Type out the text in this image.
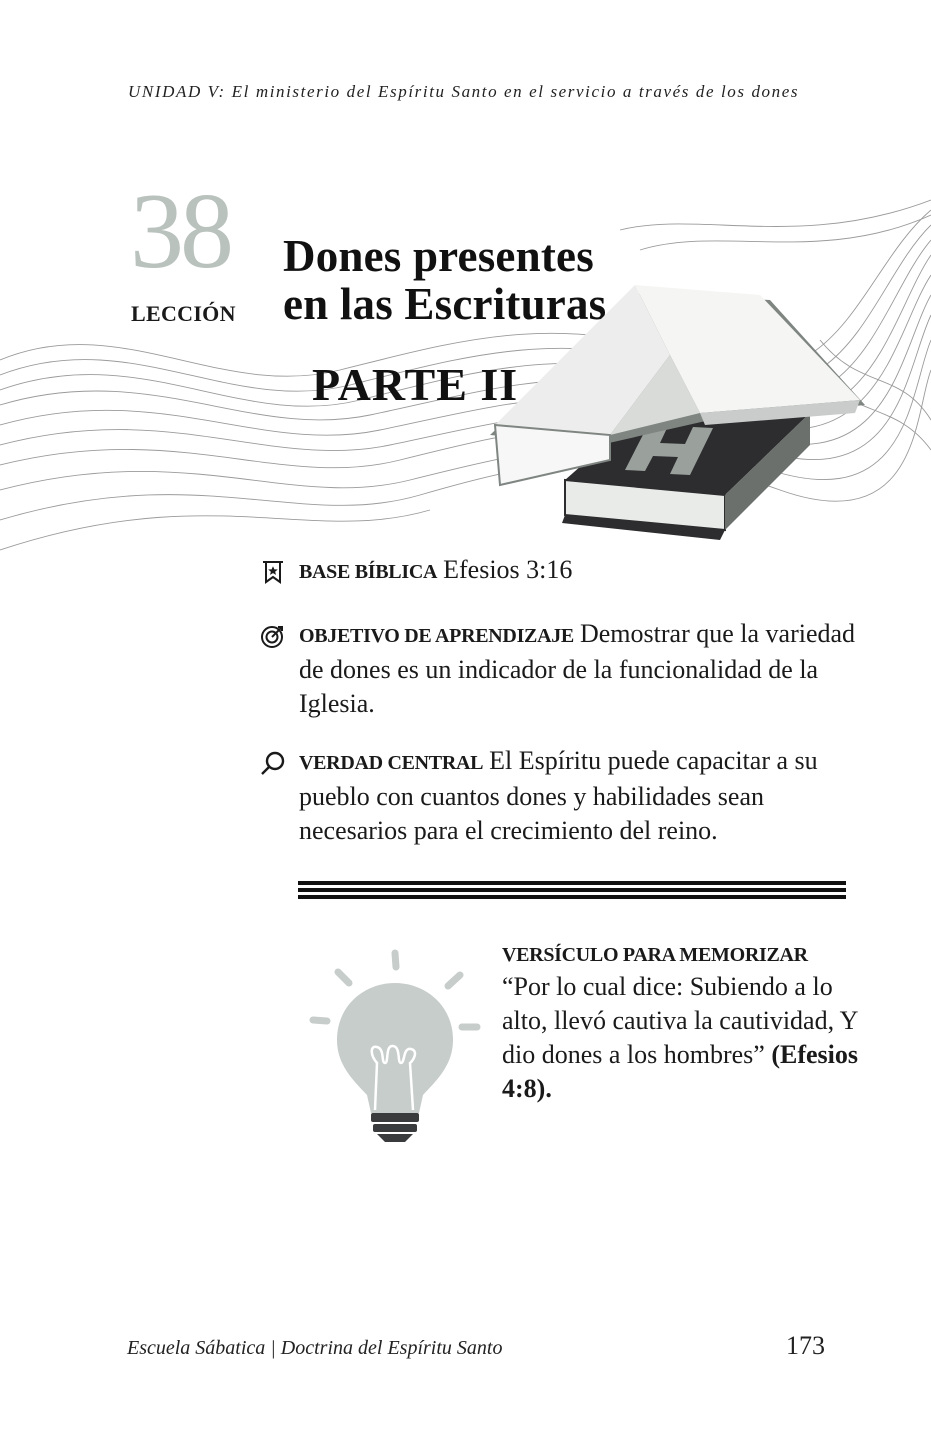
UNIDAD V: El ministerio del Espíritu Santo en el servicio a través de los dones
38
LECCIÓN
Dones presentes
en las Escrituras
PARTE II
BASE BÍBLICA Efesios 3:16
OBJETIVO DE APRENDIZAJE Demostrar que la variedad de dones es un indicador de la funcionalidad de la Iglesia.
VERDAD CENTRAL El Espíritu puede capacitar a su pueblo con cuantos dones y habilidades sean necesarios para el crecimiento del reino.
VERSÍCULO PARA MEMORIZAR
“Por lo cual dice: Subiendo a lo alto, llevó cautiva la cautividad, Y dio dones a los hombres” (Efesios 4:8).
Escuela Sábatica | Doctrina del Espíritu Santo	173
